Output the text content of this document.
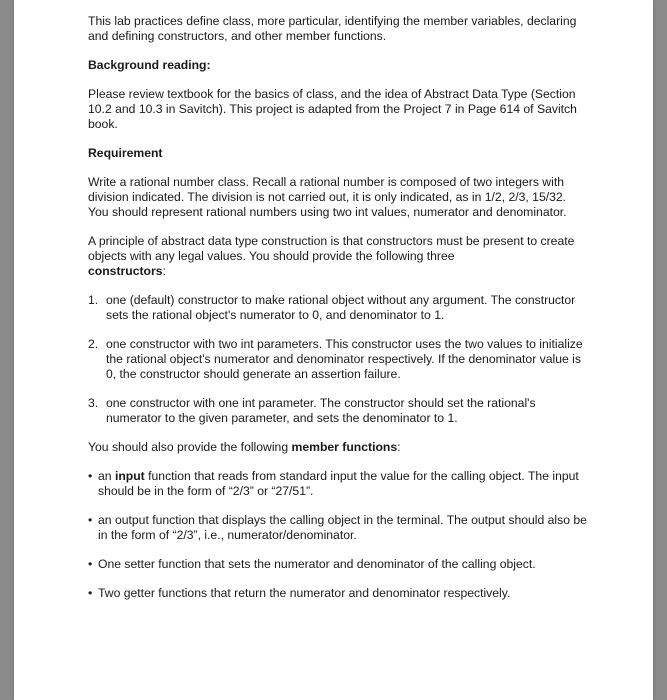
This lab practices define class, more particular, identifying the member variables, declaring and defining constructors, and other member functions.

Background reading:

Please review textbook for the basics of class, and the idea of Abstract Data Type (Section 10.2 and 10.3 in Savitch). This project is adapted from the Project 7 in Page 614 of Savitch book.

Requirement

Write a rational number class. Recall a rational number is composed of two integers with division indicated. The division is not carried out, it is only indicated, as in 1/2, 2/3, 15/32. You should represent rational numbers using two int values, numerator and denominator.

A principle of abstract data type construction is that constructors must be present to create objects with any legal values. You should provide the following three
constructors:

1. one (default) constructor to make rational object without any argument. The constructor sets the rational object's numerator to 0, and denominator to 1.
2. one constructor with two int parameters. This constructor uses the two values to initialize the rational object's numerator and denominator respectively. If the denominator value is 0, the constructor should generate an assertion failure.
3. one constructor with one int parameter. The constructor should set the rational's numerator to the given parameter, and sets the denominator to 1.

You should also provide the following member functions:

• an input function that reads from standard input the value for the calling object. The input should be in the form of “2/3” or “27/51”.
• an output function that displays the calling object in the terminal. The output should also be in the form of “2/3”, i.e., numerator/denominator.
• One setter function that sets the numerator and denominator of the calling object.
• Two getter functions that return the numerator and denominator respectively.
